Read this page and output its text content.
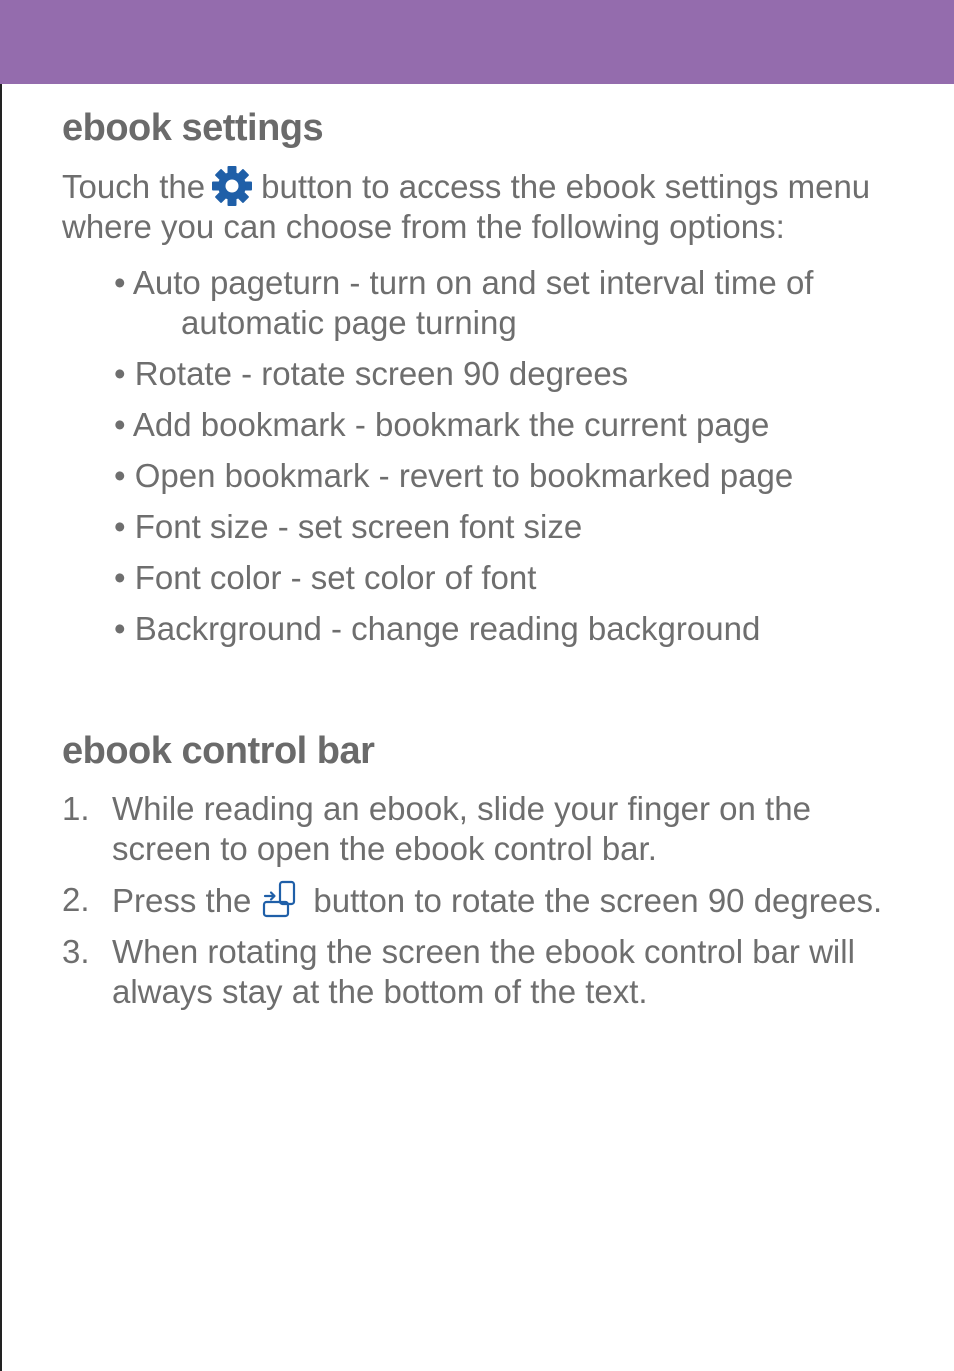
ebook settings

Touch the button to access the ebook settings menu where you can choose from the following options:

• Auto pageturn - turn on and set interval time of
automatic page turning
• Rotate - rotate screen 90 degrees
• Add bookmark - bookmark the current page
• Open bookmark - revert to bookmarked page
• Font size - set screen font size
• Font color - set color of font
• Backrground - change reading background
ebook control bar
1. While reading an ebook, slide your finger on the screen to open the ebook control bar.
2. Press the button to rotate the screen 90 degrees.
3. When rotating the screen the ebook control bar will always stay at the bottom of the text.
